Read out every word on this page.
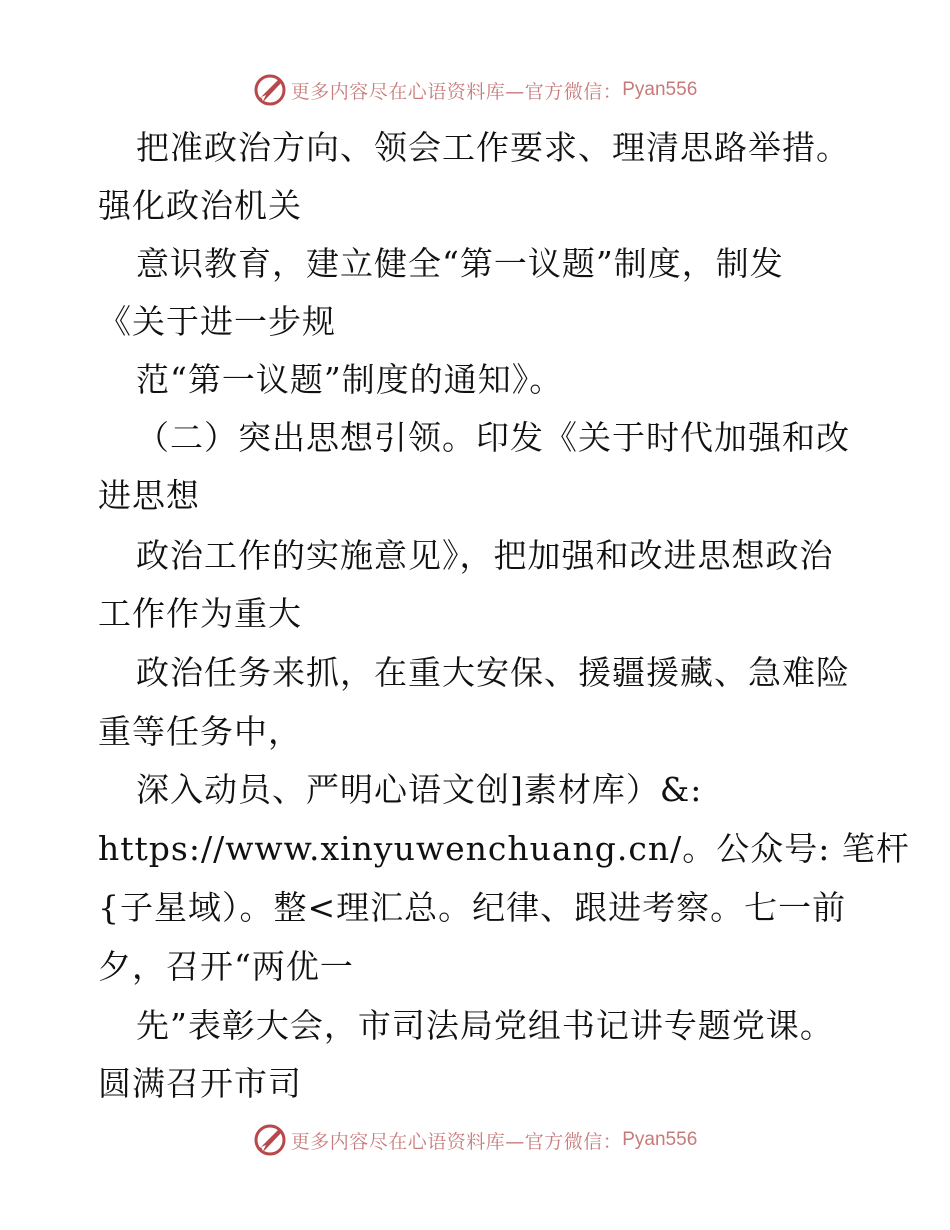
更多内容尽在心语资料库—官方微信： Pyan556
把准政治方向、领会工作要求、理清思路举措。
强化政治机关
意识教育，建立健全“第一议题”制度，制发
《关于进一步规
范“第一议题”制度的通知》。
（二）突出思想引领。印发《关于时代加强和改
进思想
政治工作的实施意见》，把加强和改进思想政治
工作作为重大
政治任务来抓，在重大安保、援疆援藏、急难险
重等任务中，
深入动员、严明心语文创]素材库）&:
https://www.xinyuwenchuang.cn/。公众号: 笔杆
{子星域）。整<理汇总。纪律、跟进考察。七一前
夕，召开“两优一
先”表彰大会，市司法局党组书记讲专题党课。
圆满召开市司
更多内容尽在心语资料库—官方微信： Pyan556
